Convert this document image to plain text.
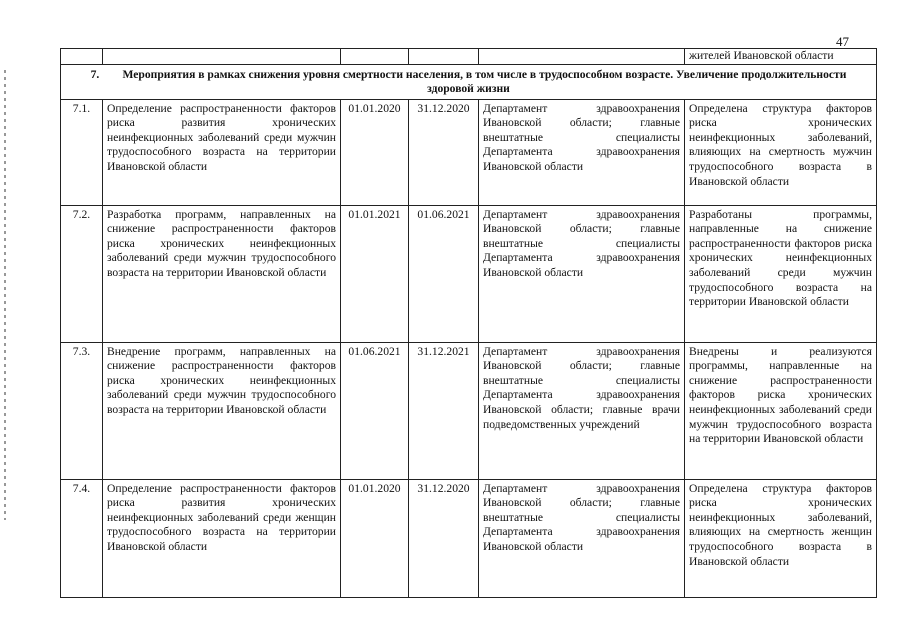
47
					жителей Ивановской области
7. Мероприятия в рамках снижения уровня смертности населения, в том числе в трудоспособном возрасте. Увеличение продолжительности здоровой жизни					
7.1.	Определение распространенности факторов риска развития хронических неинфекционных заболеваний среди мужчин трудоспособного возраста на территории Ивановской области	01.01.2020	31.12.2020	Департамент здравоохранения Ивановской области; главные внештатные специалисты Департамента здравоохранения Ивановской области	Определена структура факторов риска хронических неинфекционных заболеваний, влияющих на смертность мужчин трудоспособного возраста в Ивановской области
7.2.	Разработка программ, направленных на снижение распространенности факторов риска хронических неинфекционных заболеваний среди мужчин трудоспособного возраста на территории Ивановской области	01.01.2021	01.06.2021	Департамент здравоохранения Ивановской области; главные внештатные специалисты Департамента здравоохранения Ивановской области	Разработаны программы, направленные на снижение распространенности факторов риска хронических неинфекционных заболеваний среди мужчин трудоспособного возраста на территории Ивановской области
7.3.	Внедрение программ, направленных на снижение распространенности факторов риска хронических неинфекционных заболеваний среди мужчин трудоспособного возраста на территории Ивановской области	01.06.2021	31.12.2021	Департамент здравоохранения Ивановской области; главные внештатные специалисты Департамента здравоохранения Ивановской области; главные врачи подведомственных учреждений	Внедрены и реализуются программы, направленные на снижение распространенности факторов риска хронических неинфекционных заболеваний среди мужчин трудоспособного возраста на территории Ивановской области
7.4.	Определение распространенности факторов риска развития хронических неинфекционных заболеваний среди женщин трудоспособного возраста на территории Ивановской области	01.01.2020	31.12.2020	Департамент здравоохранения Ивановской области; главные внештатные специалисты Департамента здравоохранения Ивановской области	Определена структура факторов риска хронических неинфекционных заболеваний, влияющих на смертность женщин трудоспособного возраста в Ивановской области
